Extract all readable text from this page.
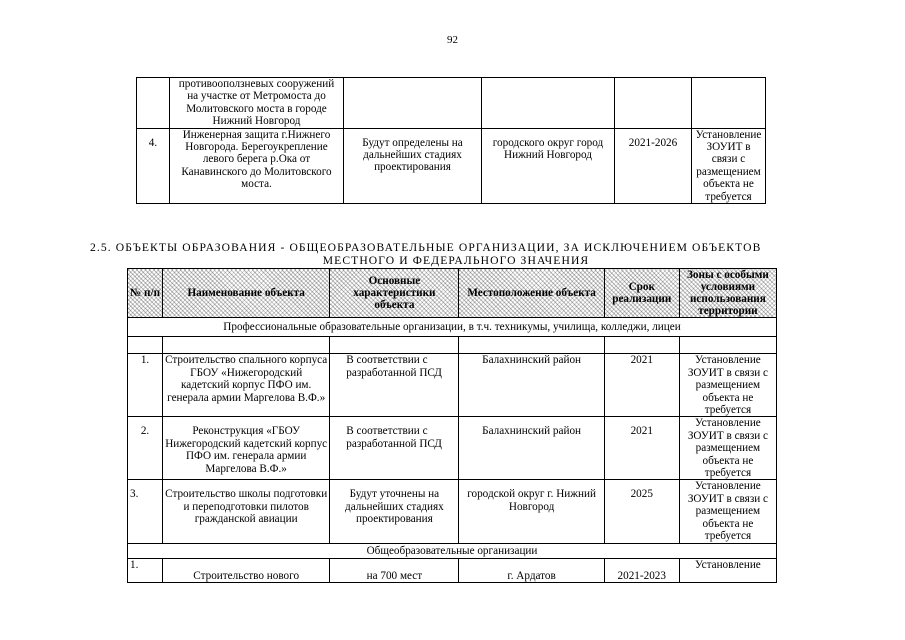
92
	противооползневых сооружений на участке от Метромоста до Молитовского моста в городе Нижний Новгород				
4.	Инженерная защита г.Нижнего Новгорода. Берегоукрепление левого берега р.Ока от Канавинского до Молитовского моста.	Будут определены на дальнейших стадиях проектирования	городского округ город Нижний Новгород	2021-2026	Установление ЗОУИТ в связи с размещением объекта не требуется
2.5. ОБЪЕКТЫ ОБРАЗОВАНИЯ - ОБЩЕОБРАЗОВАТЕЛЬНЫЕ ОРГАНИЗАЦИИ, ЗА ИСКЛЮЧЕНИЕМ ОБЪЕКТОВ
МЕСТНОГО И ФЕДЕРАЛЬНОГО ЗНАЧЕНИЯ
№ п/п	Наименование объекта	Основные характеристики объекта	Местоположение объекта	Срок реализации	Зоны с особыми условиями использования территории
Профессиональные образовательные организации, в т.ч. техникумы, училища, колледжи, лицеи					

1.	Строительство спального корпуса ГБОУ «Нижегородский кадетский корпус ПФО им. генерала армии Маргелова В.Ф.»	В соответствии с разработанной ПСД	Балахнинский район	2021	Установление ЗОУИТ в связи с размещением объекта не требуется
2.	Реконструкция «ГБОУ Нижегородский кадетский корпус ПФО им. генерала армии Маргелова В.Ф.»	В соответствии с разработанной ПСД	Балахнинский район	2021	Установление ЗОУИТ в связи с размещением объекта не требуется
3.	Строительство школы подготовки и переподготовки пилотов гражданской авиации	Будут уточнены на дальнейших стадиях проектирования	городской округ г. Нижний Новгород	2025	Установление ЗОУИТ в связи с размещением объекта не требуется
Общеобразовательные организации					
1.	Строительство нового	на 700 мест	г. Ардатов	2021-2023	Установление
